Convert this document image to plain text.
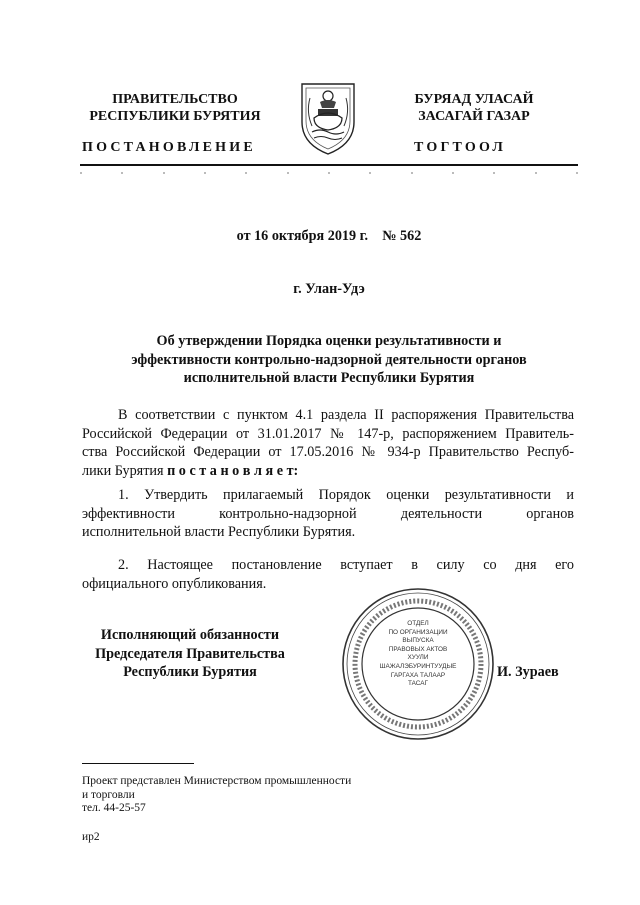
ПРАВИТЕЛЬСТВО
РЕСПУБЛИКИ БУРЯТИЯ
БУРЯАД УЛАСАЙ
ЗАСАГАЙ ГАЗАР
ПОСТАНОВЛЕНИЕ	ТОГТООЛ
от 16 октября 2019 г.    № 562
г. Улан-Удэ
Об утверждении Порядка оценки результативности и
эффективности контрольно-надзорной деятельности органов
исполнительной власти Республики Бурятия
В соответствии с пунктом 4.1 раздела II распоряжения Правительства
Российской Федерации от 31.01.2017 № 147-р, распоряжением Правитель-
ства Российской Федерации от 17.05.2016 № 934-р Правительство Респуб-
лики Бурятия п о с т а н о в л я е т:
1. Утвердить прилагаемый Порядок оценки результативности и
эффективности контрольно-надзорной деятельности органов
исполнительной власти Республики Бурятия.
2. Настоящее постановление вступает в силу со дня его
официального опубликования.
Исполняющий обязанности
Председателя Правительства
Республики Бурятия
ОТДЕЛ
ПО ОРГАНИЗАЦИИ
ВЫПУСКА
ПРАВОВЫХ АКТОВ
ХУУЛИ
ШАЖАЛЭБУРИНТУУДЫЕ
ГАРГАХА ТАЛААР
ТАСАГ
И. Зураев
Проект представлен Министерством промышленности
и торговли
тел. 44-25-57
ир2
